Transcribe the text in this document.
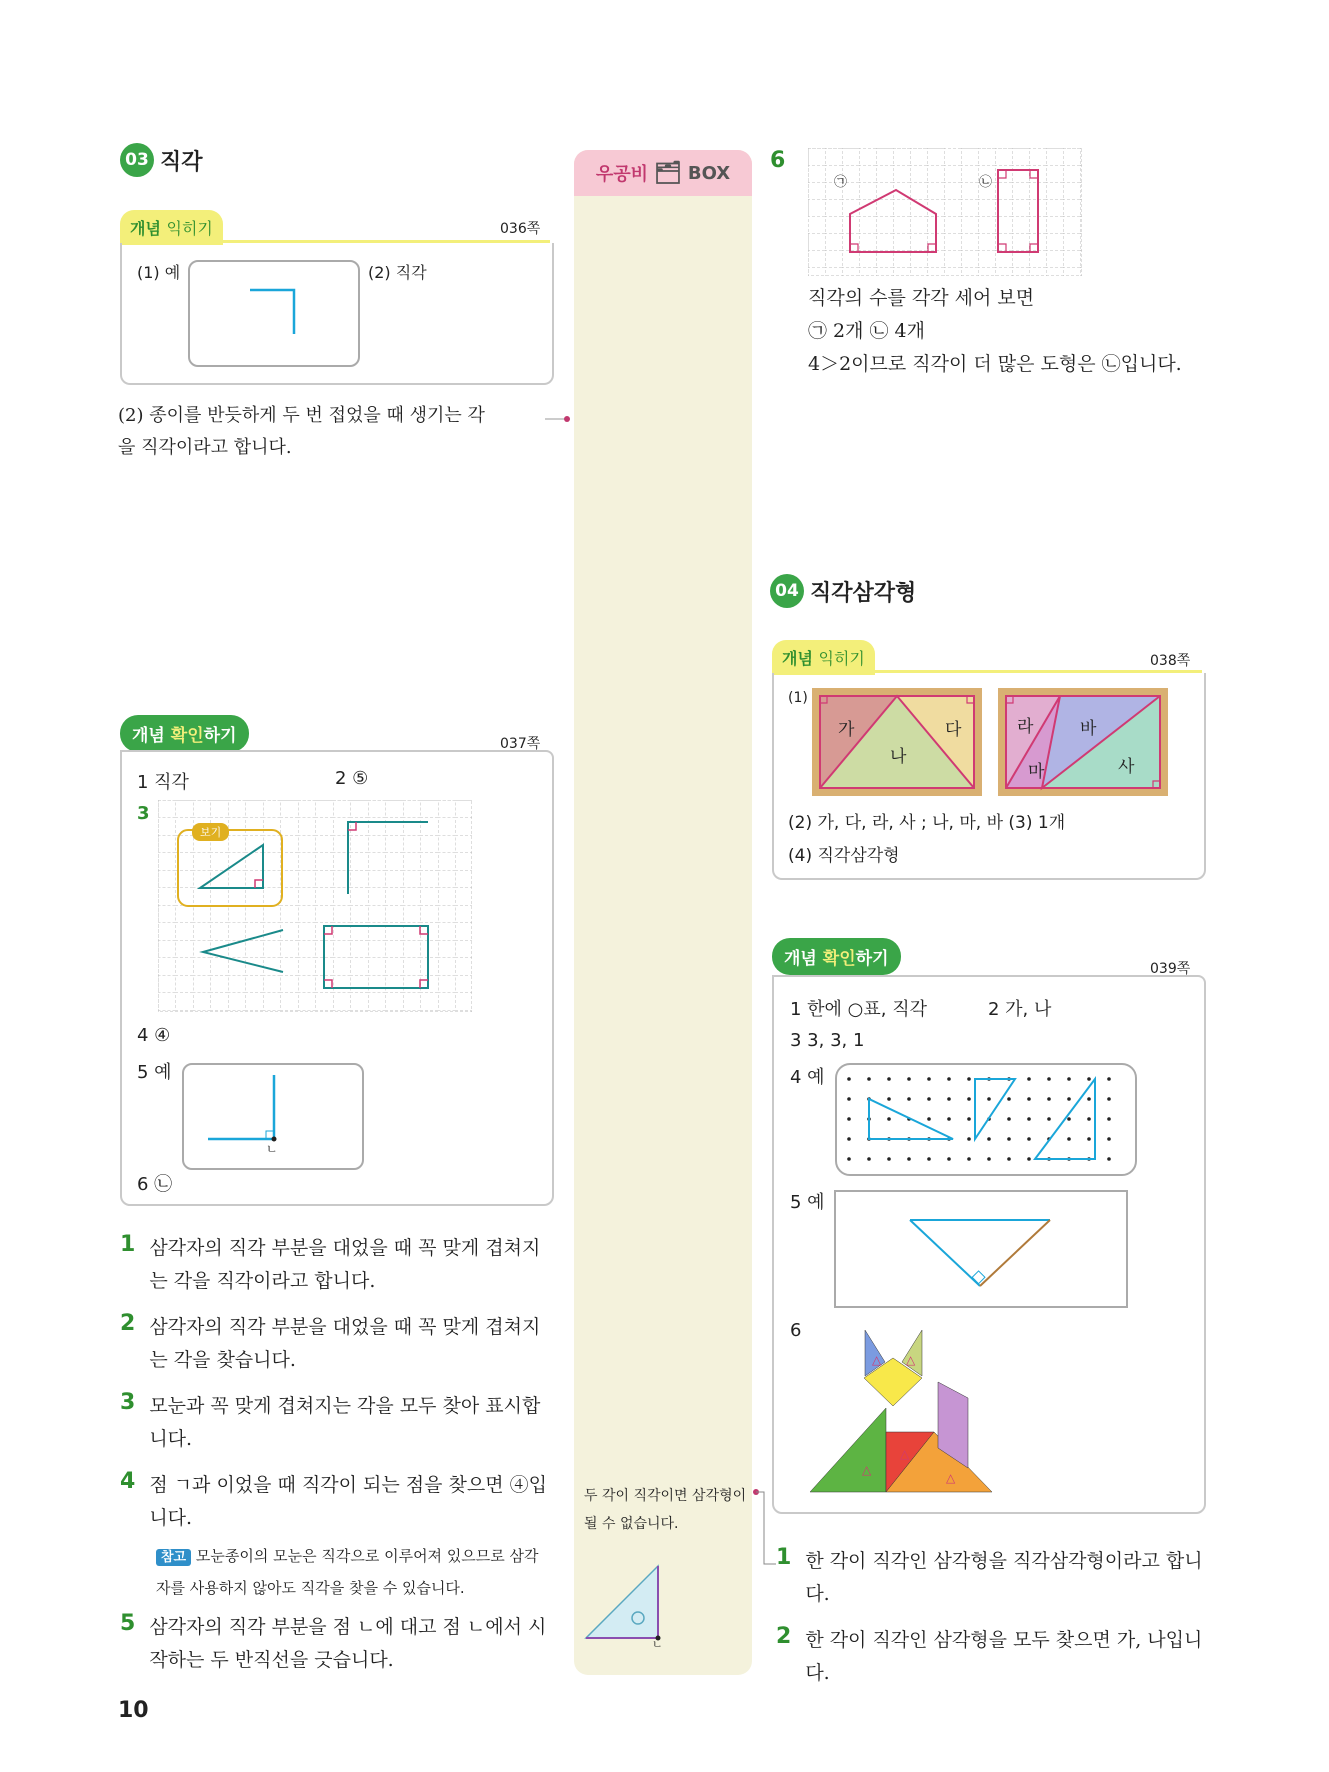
03 직각
개념 익히기	036쪽
(1) 예	(2) 직각
(2) 종이를 반듯하게 두 번 접었을 때 생기는 각
을 직각이라고 합니다.
개념 확인하기	037쪽
1 직각	2 ⑤
3
보기
4 ④
5 예
ㄴ
6 ㉡
1 삼각자의 직각 부분을 대었을 때 꼭 맞게 겹쳐지는 각을 직각이라고 합니다.
2 삼각자의 직각 부분을 대었을 때 꼭 맞게 겹쳐지는 각을 찾습니다.
3 모눈과 꼭 맞게 겹쳐지는 각을 모두 찾아 표시합니다.
4 점 ㄱ과 이었을 때 직각이 되는 점을 찾으면 ④입니다.
참고 모눈종이의 모눈은 직각으로 이루어져 있으므로 삼각자를 사용하지 않아도 직각을 찾을 수 있습니다.
5 삼각자의 직각 부분을 점 ㄴ에 대고 점 ㄴ에서 시작하는 두 반직선을 긋습니다.
10
우공비 🗂 BOX
두 각이 직각이면 삼각형이 될 수 없습니다.
ㄴ
6
㉠	㉡
직각의 수를 각각 세어 보면
㉠ 2개 ㉡ 4개
4＞2이므로 직각이 더 많은 도형은 ㉡입니다.
04 직각삼각형
개념 익히기	038쪽
(1)
가
나
다	라	바
마	사
(2) 가, 다, 라, 사 ; 나, 마, 바 (3) 1개
(4) 직각삼각형
개념 확인하기	039쪽
1 한에 ○표, 직각	2 가, 나
3 3, 3, 1
4 예
5 예
6
△ △
△
△
△
1 한 각이 직각인 삼각형을 직각삼각형이라고 합니다.
2 한 각이 직각인 삼각형을 모두 찾으면 가, 나입니다.
